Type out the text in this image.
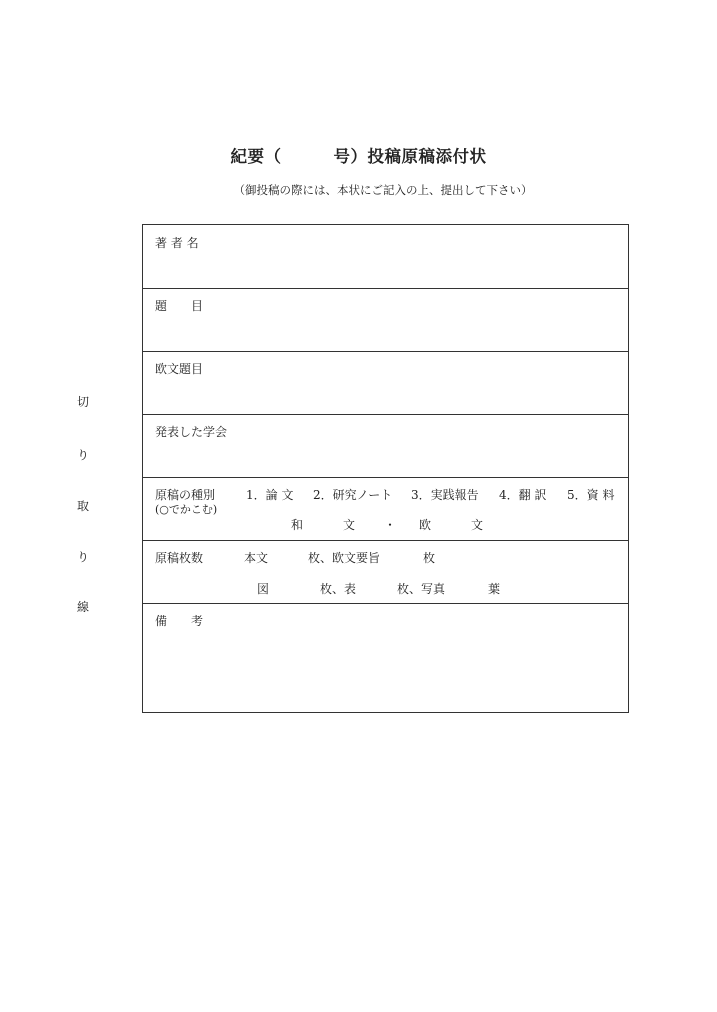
紀要（	号）投稿原稿添付状
（御投稿の際には、本状にご記入の上、提出して下さい）
切
り
取
り
線
著 者 名
題　　目
欧文題目
発表した学会
原稿の種別
(○でかこむ)
1．論 文 2．研究ノート 3．実践報告 4．翻 訳 5．資 料
和	文 ・ 欧	文
原稿枚数	本文	枚、欧文要旨	枚
図	枚、表	枚、写真	葉
備　　考
